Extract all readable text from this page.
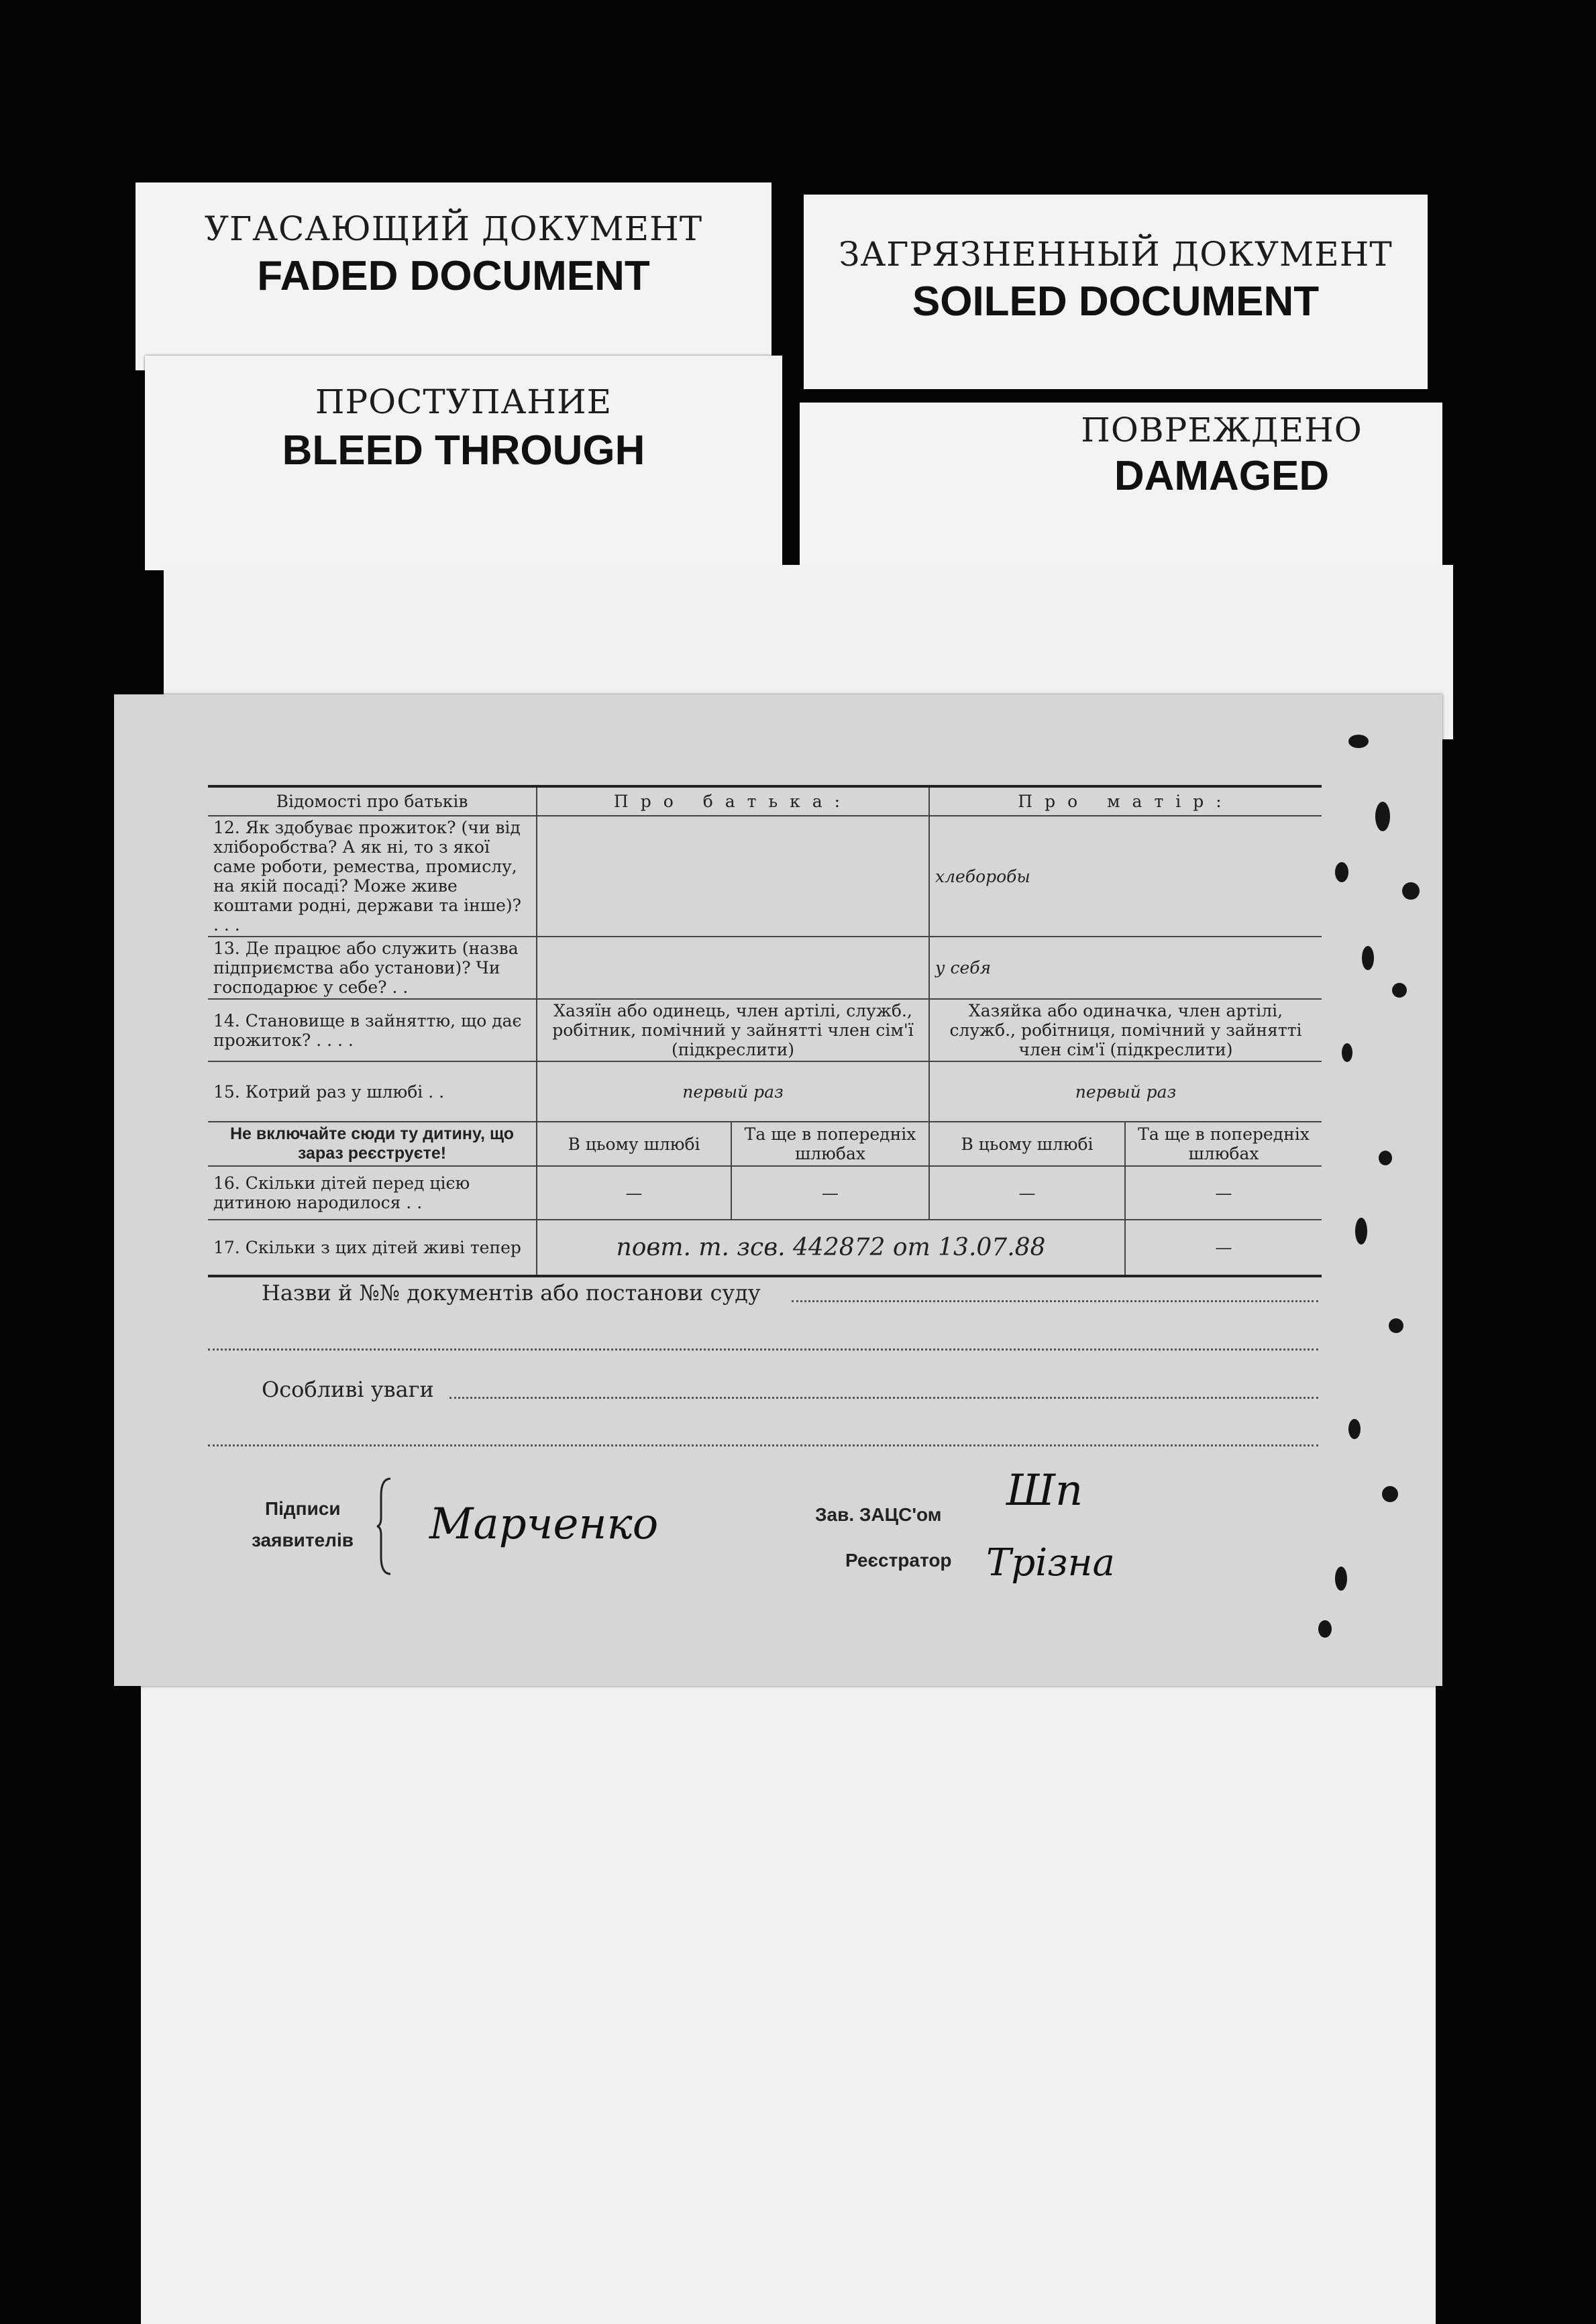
УГАСАЮЩИЙ ДОКУМЕНТ
FADED DOCUMENT	ЗАГРЯЗНЕННЫЙ ДОКУМЕНТ
SOILED DOCUMENT
ПРОСТУПАНИЕ
BLEED THROUGH	ПОВРЕЖДЕНО
DAMAGED
Відомості про батьків	Про батька:		Про матір:	
12. Як здобуває прожиток? (чи від хліборобства? А як ні, то з якої саме роботи, ремества, промислу, на якій посаді? Може живе коштами родні, держави та інше)? . . .			хлеборобы	
13. Де працює або служить (назва підприємства або установи)? Чи господарює у себе? . .			у себя	
14. Становище в зайняттю, що дає прожиток? . . . .	Хазяїн або одинець, член артілі, служб., робітник, помічний у зайнятті член сім'ї (підкреслити)		Хазяйка або одиначка, член артілі, служб., робітниця, помічний у зайнятті член сім'ї (підкреслити)	
15. Котрий раз у шлюбі . .	первый раз		первый раз	
Не включайте сюди ту дитину, що зараз реєструєте!	В цьому шлюбі	Та ще в попередніх шлюбах	В цьому шлюбі	Та ще в попередніх шлюбах
16. Скільки дітей перед цією дитиною народилося . .	—	—	—	—
17. Скільки з цих дітей живі тепер	повт. т. зсв. 442872 от 13.07.88			—
Назви й №№ документів або постанови суду
Особливі уваги
Підписи
заявителів Марченко	Зав. ЗАЦС'ом Шп
Реєстратор Трізна
